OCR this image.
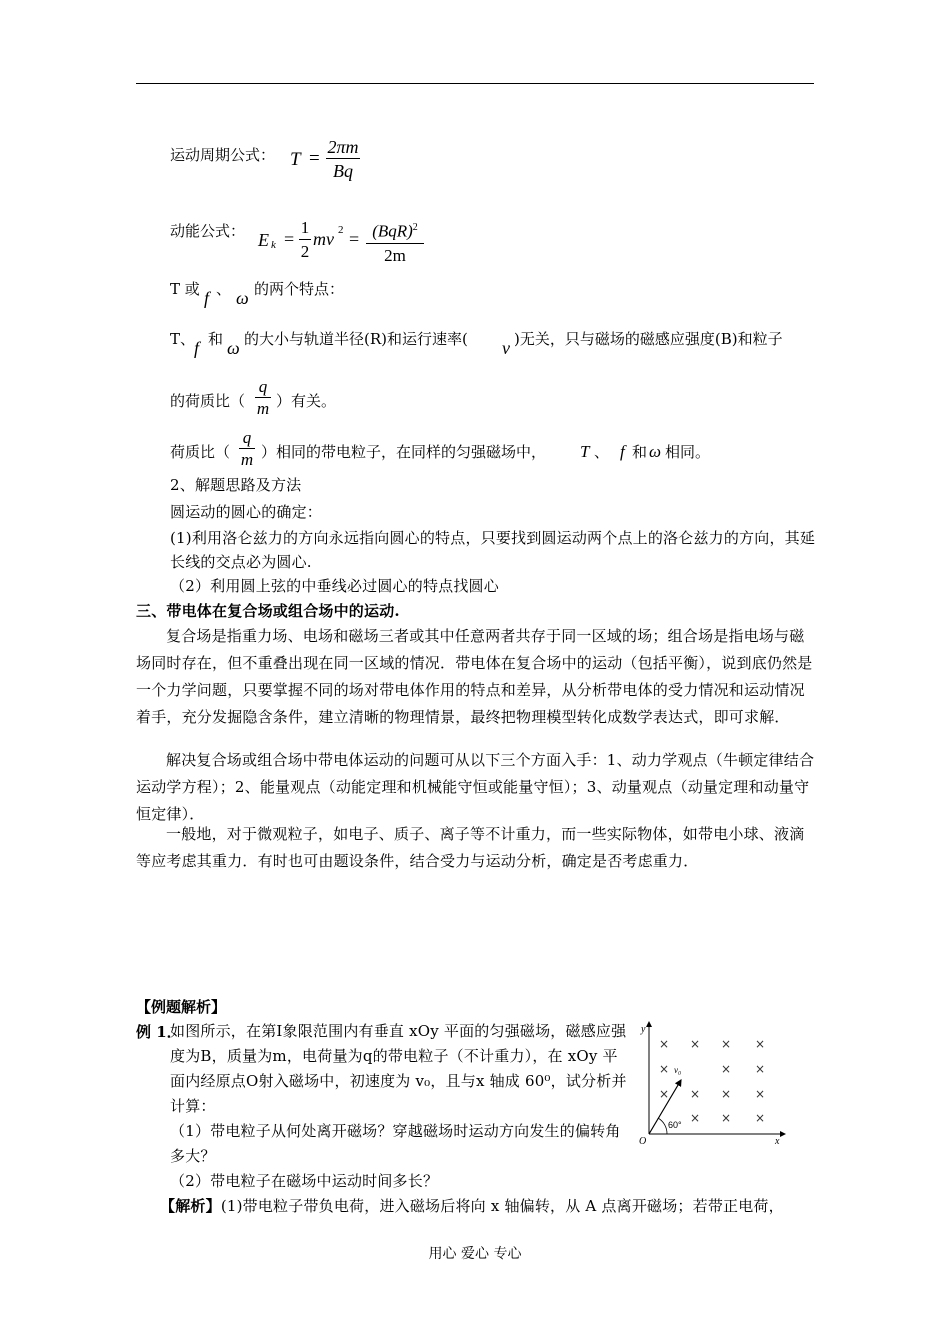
运动周期公式： T =
2πm
Bq
动能公式： E k =
1
2
mv 2 = (BqR)$^2$
2m
T 或 f 、 ω 的两个特点：
T、
f 和 ω 的大小与轨道半径(R)和运行速率( v )无关，只与磁场的磁感应强度(B)和粒子
的荷质比（
q
m ）有关。
荷质比（
q
m ）相同的带电粒子，在同样的匀强磁场中， T 、 f 和 ω 相同。
2、解题思路及方法
圆运动的圆心的确定：
(1)利用洛仑兹力的方向永远指向圆心的特点，只要找到圆运动两个点上的洛仑兹力的方向，其延长线的交点必为圆心.
（2）利用圆上弦的中垂线必过圆心的特点找圆心
三、带电体在复合场或组合场中的运动.
复合场是指重力场、电场和磁场三者或其中任意两者共存于同一区域的场；组合场是指电场与磁场同时存在，但不重叠出现在同一区域的情况．带电体在复合场中的运动（包括平衡），说到底仍然是一个力学问题，只要掌握不同的场对带电体作用的特点和差异，从分析带电体的受力情况和运动情况着手，充分发掘隐含条件，建立清晰的物理情景，最终把物理模型转化成数学表达式，即可求解．
解决复合场或组合场中带电体运动的问题可从以下三个方面入手：1、动力学观点（牛顿定律结合运动学方程）；2、能量观点（动能定理和机械能守恒或能量守恒）；3、动量观点（动量定理和动量守恒定律）．
一般地，对于微观粒子，如电子、质子、离子等不计重力，而一些实际物体，如带电小球、液滴等应考虑其重力．有时也可由题设条件，结合受力与运动分析，确定是否考虑重力．
【例题解析】
例 1．
如图所示，在第Ⅰ象限范围内有垂直 xOy 平面的匀强磁场，磁感应强度为B，质量为m，电荷量为q的带电粒子（不计重力），在 xOy 平面内经原点O射入磁场中，初速度为 v₀，且与x 轴成 60⁰，试分析并计算：
（1）带电粒子从何处离开磁场？穿越磁场时运动方向发生的偏转角多大？
（2）带电粒子在磁场中运动时间多长？
【解析】(1)带电粒子带负电荷，进入磁场后将向 x 轴偏转，从 A 点离开磁场；若带正电荷，
y
x
O
v₀
60°
× × × ×
×	× ×
× × × ×
× × ×
用心 爱心 专心
